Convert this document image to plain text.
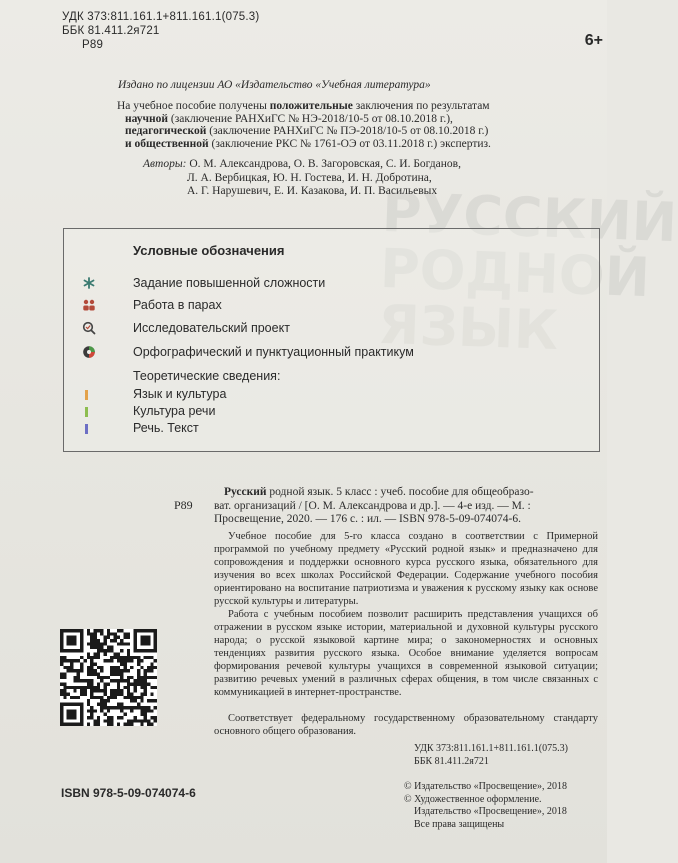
УДК 373:811.161.1+811.161.1(075.3)
ББК 81.411.2я721
Р89	6+
Издано по лицензии АО «Издательство «Учебная литература»
На учебное пособие получены положительные заключения по результатам
научной (заключение РАНХиГС № НЭ-2018/10-5 от 08.10.2018 г.),
педагогической (заключение РАНХиГС № ПЭ-2018/10-5 от 08.10.2018 г.)
и общественной (заключение РКС № 1761-ОЭ от 03.11.2018 г.) экспертиз.
Авторы: О. М. Александрова, О. В. Загоровская, С. И. Богданов,
Л. А. Вербицкая, Ю. Н. Гостева, И. Н. Добротина,
А. Г. Нарушевич, Е. И. Казакова, И. П. Васильевых
РУССКИЙ
РОДНОЙ
ЯЗЫК
Условные обозначения
Задание повышенной сложности
Работа в парах
Исследовательский проект
Орфографический и пунктуационный практикум
Теоретические сведения:
Язык и культура
Культура речи
Речь. Текст
Р89
Русский родной язык. 5 класс : учеб. пособие для общеобразо-
ват. организаций / [О. М. Александрова и др.]. — 4-е изд. — М. :
Просвещение, 2020. — 176 с. : ил. — ISBN 978-5-09-074074-6.

Учебное пособие для 5-го класса создано в соответствии с Примерной программой по учебному предмету «Русский родной язык» и предназначено для сопровождения и поддержки основного курса русского языка, обязательного для изучения во всех школах Российской Федерации. Содержание учебного пособия ориентировано на воспитание патриотизма и уважения к русскому языку как основе русской культуры и литературы.

Работа с учебным пособием позволит расширить представления учащихся об отражении в русском языке истории, материальной и духовной культуры русского народа; о русской языковой картине мира; о закономерностях и основных тенденциях развития русского языка. Особое внимание уделяется вопросам формирования речевой культуры учащихся в современной языковой ситуации; развитию речевых умений в различных сферах общения, в том числе связанных с коммуникацией в интернет-пространстве.

Соответствует федеральному государственному образовательному стандарту основного общего образования.
УДК 373:811.161.1+811.161.1(075.3)
ББК 81.411.2я721
ISBN 978-5-09-074074-6	© Издательство «Просвещение», 2018
© Художественное оформление.
Издательство «Просвещение», 2018
Все права защищены
